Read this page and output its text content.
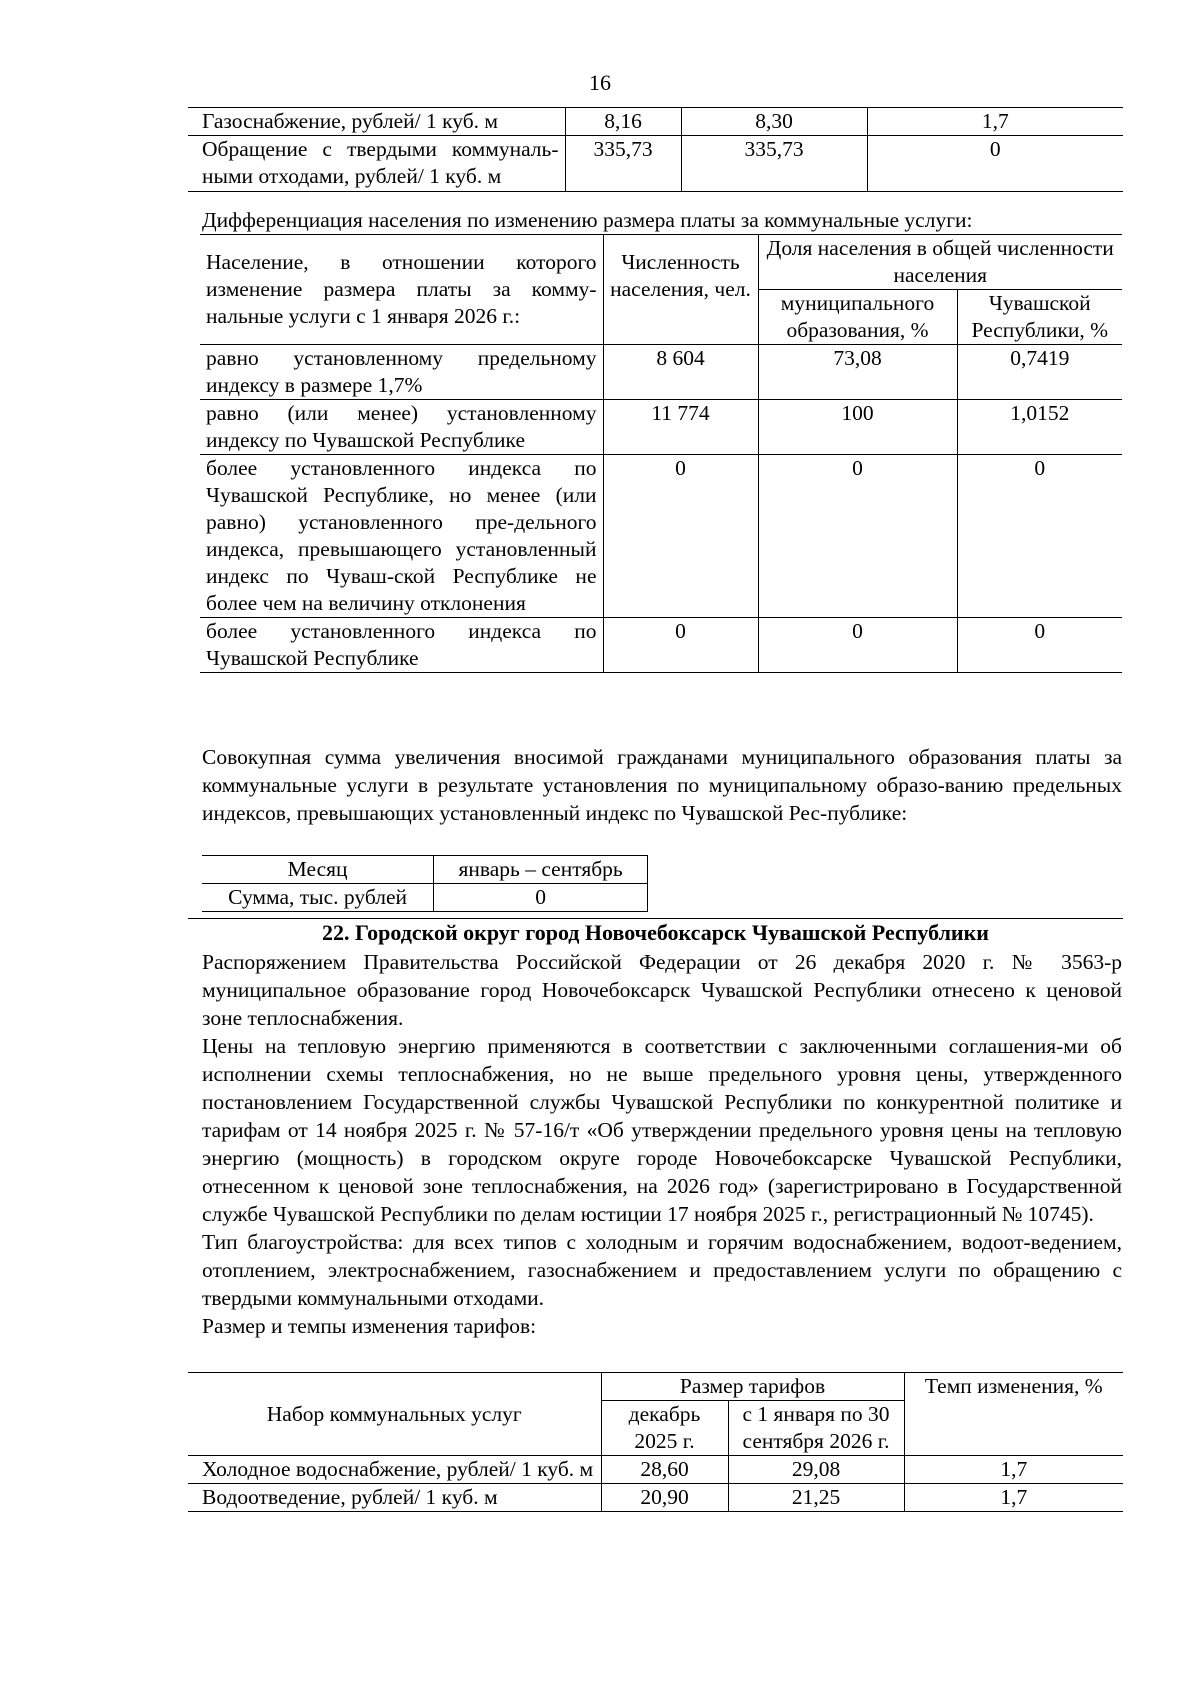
16
Газоснабжение, рублей/ 1 куб. м	8,16	8,30	1,7
Обращение с твердыми коммуналь-ными отходами, рублей/ 1 куб. м	335,73	335,73	0
Дифференциация населения по изменению размера платы за коммунальные услуги:
Население, в отношении которого изменение размера платы за комму-нальные услуги с 1 января 2026 г.:	Численность населения, чел.	Доля населения в общей численности населения	
		муниципального образования, %	Чувашской Республики, %
равно установленному предельному индексу в размере 1,7%	8 604	73,08	0,7419
равно (или менее) установленному индексу по Чувашской Республике	11 774	100	1,0152
более установленного индекса по Чувашской Республике, но менее (или равно) установленного пре-дельного индекса, превышающего установленный индекс по Чуваш-ской Республике не более чем на величину отклонения	0	0	0
более установленного индекса по Чувашской Республике	0	0	0
Совокупная сумма увеличения вносимой гражданами муниципального образования платы за коммунальные услуги в результате установления по муниципальному образо-ванию предельных индексов, превышающих установленный индекс по Чувашской Рес-публике:
Месяц	январь – сентябрь
Сумма, тыс. рублей	0
22. Городской округ город Новочебоксарск Чувашской Республики

Распоряжением Правительства Российской Федерации от 26 декабря 2020 г. № 3563-р муниципальное образование город Новочебоксарск Чувашской Республики отнесено к ценовой зоне теплоснабжения.

Цены на тепловую энергию применяются в соответствии с заключенными соглашения-ми об исполнении схемы теплоснабжения, но не выше предельного уровня цены, утвержденного постановлением Государственной службы Чувашской Республики по конкурентной политике и тарифам от 14 ноября 2025 г. № 57-16/т «Об утверждении предельного уровня цены на тепловую энергию (мощность) в городском округе городе Новочебоксарске Чувашской Республики, отнесенном к ценовой зоне теплоснабжения, на 2026 год» (зарегистрировано в Государственной службе Чувашской Республики по делам юстиции 17 ноября 2025 г., регистрационный № 10745).

Тип благоустройства: для всех типов с холодным и горячим водоснабжением, водоот-ведением, отоплением, электроснабжением, газоснабжением и предоставлением услуги по обращению с твердыми коммунальными отходами.

Размер и темпы изменения тарифов:

Набор коммунальных услуг	Размер тарифов		Темп изменения, %
	декабрь 2025 г.	с 1 января по 30 сентября 2026 г.	
Холодное водоснабжение, рублей/ 1 куб. м	28,60	29,08	1,7
Водоотведение, рублей/ 1 куб. м	20,90	21,25	1,7
